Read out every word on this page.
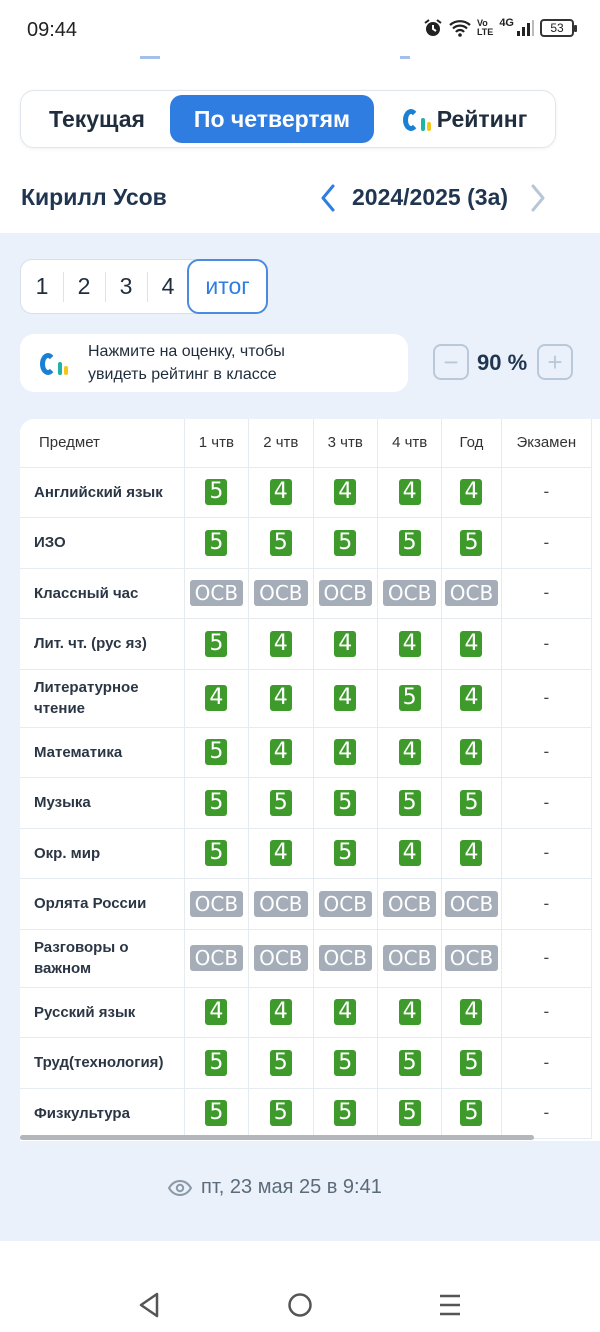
09:44	Vo
LTE
4G	53
Текущая	По четвертям	Рейтинг
Кирилл Усов	2024/2025 (3а)
1	2	3	4	итог
Нажмите на оценку, чтобы увидеть рейтинг в классе	− 90 % +
Предмет	1 чтв	2 чтв	3 чтв	4 чтв	Год	Экзамен
Английский язык	5	4	4	4	4	-
ИЗО	5	5	5	5	5	-
Классный час	ОСВ	ОСВ	ОСВ	ОСВ	ОСВ	-
Лит. чт. (рус яз)	5	4	4	4	4	-
Литературное чтение	4	4	4	5	4	-
Математика	5	4	4	4	4	-
Музыка	5	5	5	5	5	-
Окр. мир	5	4	5	4	4	-
Орлята России	ОСВ	ОСВ	ОСВ	ОСВ	ОСВ	-
Разговоры о важном	ОСВ	ОСВ	ОСВ	ОСВ	ОСВ	-
Русский язык	4	4	4	4	4	-
Труд(технология)	5	5	5	5	5	-
Физкультура	5	5	5	5	5	-
пт, 23 мая 25 в 9:41
